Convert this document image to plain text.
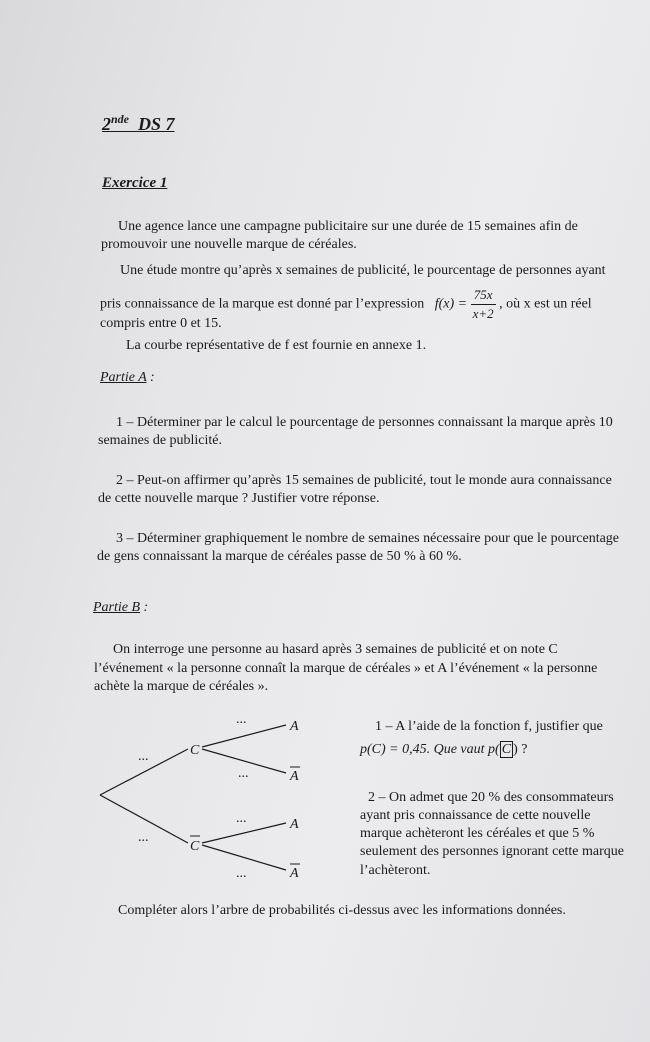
2nde DS 7
Exercice 1
Une agence lance une campagne publicitaire sur une durée de 15 semaines afin de
promouvoir une nouvelle marque de céréales.
Une étude montre qu’après x semaines de publicité, le pourcentage de personnes ayant
pris connaissance de la marque est donné par l’expression $f(x) = \frac{75x}{x+2}$ , où x est un réel
compris entre 0 et 15.
La courbe représentative de f est fournie en annexe 1.
Partie A :
1 – Déterminer par le calcul le pourcentage de personnes connaissant la marque après 10
semaines de publicité.
2 – Peut-on affirmer qu’après 15 semaines de publicité, tout le monde aura connaissance
de cette nouvelle marque ? Justifier votre réponse.
3 – Déterminer graphiquement le nombre de semaines nécessaire pour que le pourcentage
de gens connaissant la marque de céréales passe de 50 % à 60 %.
Partie B :
On interroge une personne au hasard après 3 semaines de publicité et on note C
l’événement « la personne connaît la marque de céréales » et A l’événement « la personne
achète la marque de céréales ».
...
...
...
...
...
...
C
C
A
A
A
A
1 – A l’aide de la fonction f, justifier que
p(C) = 0,45. Que vaut p( $\overline{C}$ ) ?
2 – On admet que 20 % des consommateurs
ayant pris connaissance de cette nouvelle
marque achèteront les céréales et que 5 %
seulement des personnes ignorant cette marque
l’achèteront.
Compléter alors l’arbre de probabilités ci-dessus avec les informations données.
